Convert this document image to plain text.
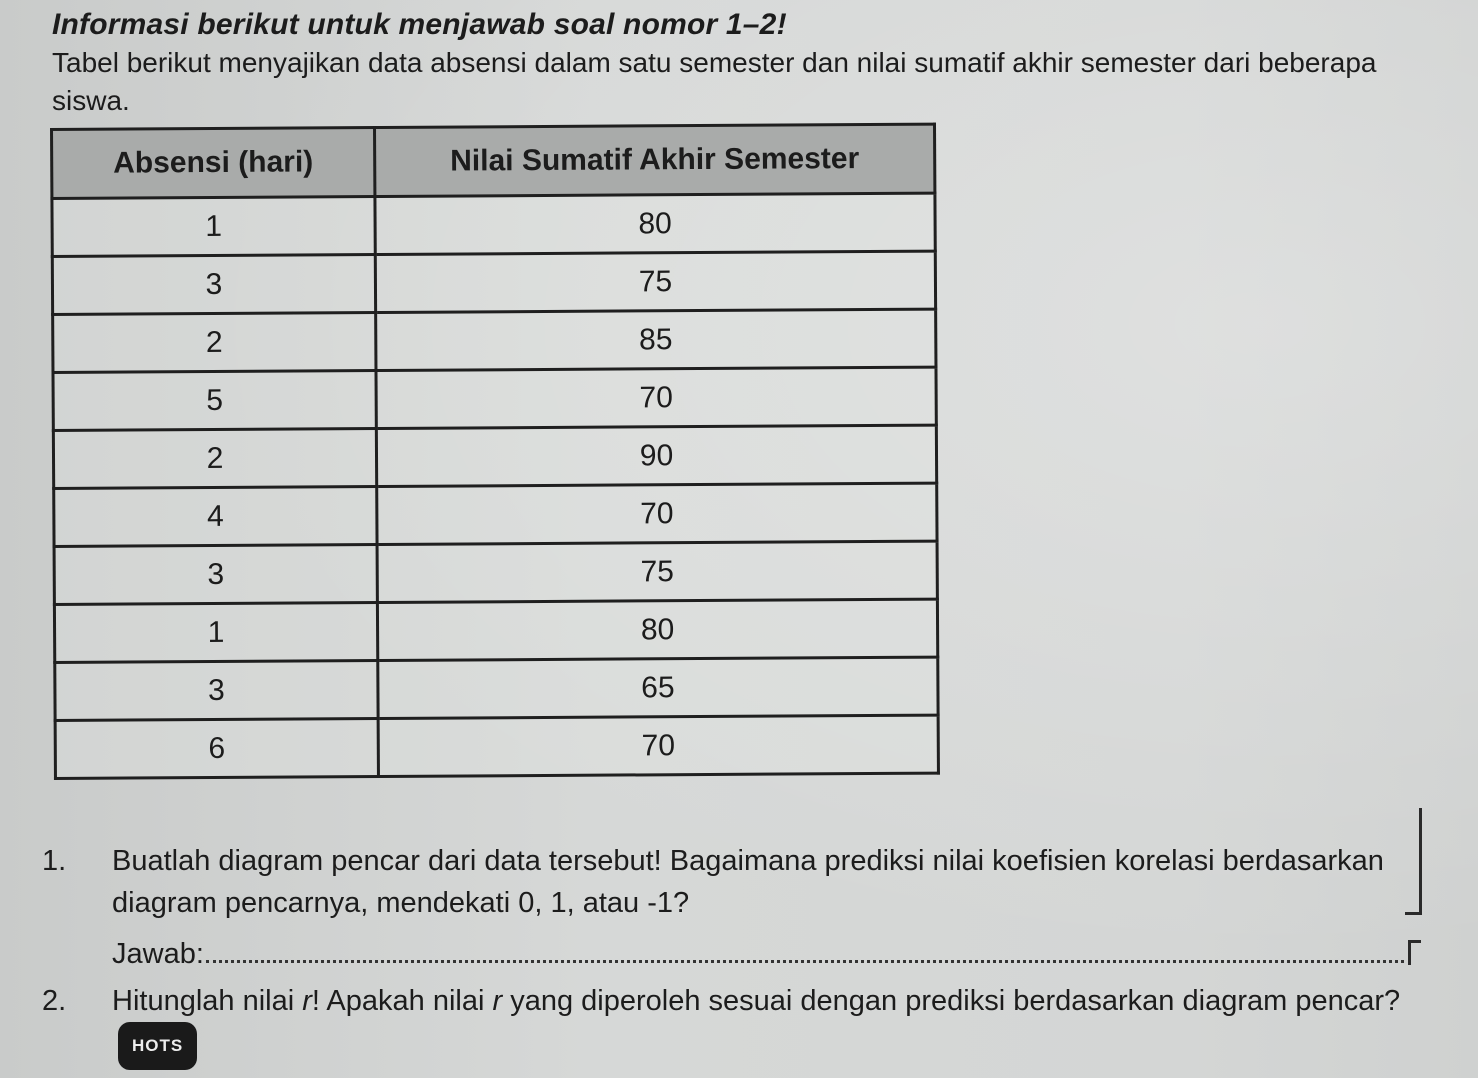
Informasi berikut untuk menjawab soal nomor 1–2!
Tabel berikut menyajikan data absensi dalam satu semester dan nilai sumatif akhir semester dari beberapa siswa.
Absensi (hari)	Nilai Sumatif Akhir Semester
1	80
3	75
2	85
5	70
2	90
4	70
3	75
1	80
3	65
6	70
1. Buatlah diagram pencar dari data tersebut! Bagaimana prediksi nilai koefisien korelasi berdasarkan diagram pencarnya, mendekati 0, 1, atau -1?
Jawab:
2. Hitunglah nilai r! Apakah nilai r yang diperoleh sesuai dengan prediksi berdasarkan diagram pencar?HOTS
